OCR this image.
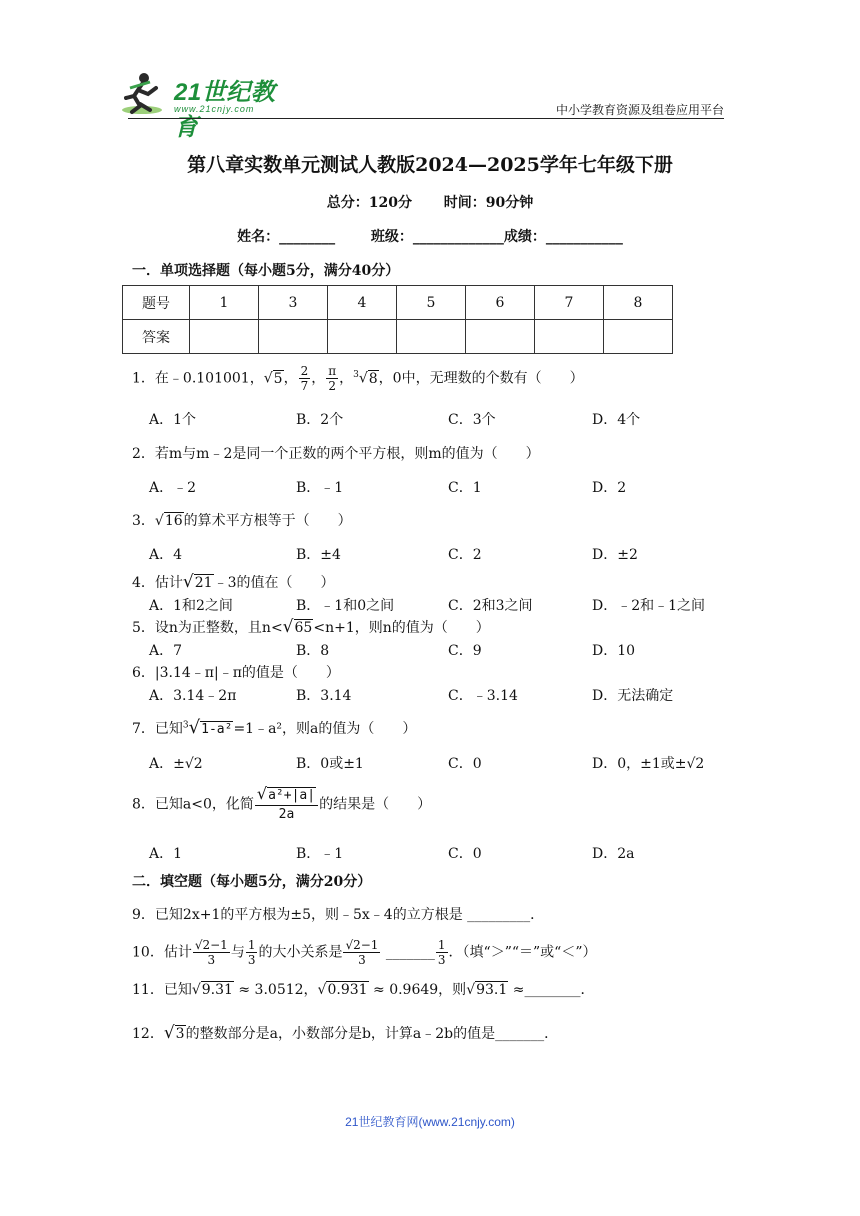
21世纪教育
www.21cnjy.com	中小学教育资源及组卷应用平台
第八章实数单元测试人教版2024—2025学年七年级下册
总分：120分 时间：90分钟
姓名：________	班级：_____________成绩：___________
一．单项选择题（每小题5分，满分40分）
题号	1	3	4	5	6	7	8
答案							
1．在﹣0.101001，√5， $\frac{2}{7}$ ， $\frac{\pi}{2}$ ，$^3$√8，0中，无理数的个数有（　　）
A．1个	B．2个	C．3个	D．4个
2．若m与m﹣2是同一个正数的两个平方根，则m的值为（　　）
A．﹣2	B．﹣1	C．1	D．2
3．√16的算术平方根等于（　　）
A．4	B．±4	C．2	D．±2
4．估计√21﹣3的值在（　　）
A．1和2之间	B．﹣1和0之间	C．2和3之间	D．﹣2和﹣1之间
5．设n为正整数，且n<√65<n+1，则n的值为（　　）
A．7	B．8	C．9	D．10
6．|3.14﹣π|﹣π的值是（　　）
A．3.14﹣2π	B．3.14	C．﹣3.14	D．无法确定
7．已知$^3$√1-a²=1﹣a²，则a的值为（　　）
A．±√2	B．0或±1	C．0	D．0，±1或±√2
8．已知a<0，化简 $\frac{\text{√a²+|a|}}{2a}$ 的结果是（　　）
A．1	B．﹣1	C．0	D．2a
二．填空题（每小题5分，满分20分）
9．已知2x+1的平方根为±5，则﹣5x﹣4的立方根是 _________．
10．估计 $\frac{√2-1}{3}$ 与 $\frac{1}{3}$ 的大小关系是 $\frac{√2-1}{3}$ _______ $\frac{1}{3}$ ．（填“＞”“＝”或“＜”）
11．已知√9.31 ≈ 3.0512，√0.931 ≈ 0.9649，则√93.1 ≈________．
12．√3的整数部分是a，小数部分是b，计算a﹣2b的值是_______．
21世纪教育网(www.21cnjy.com)
